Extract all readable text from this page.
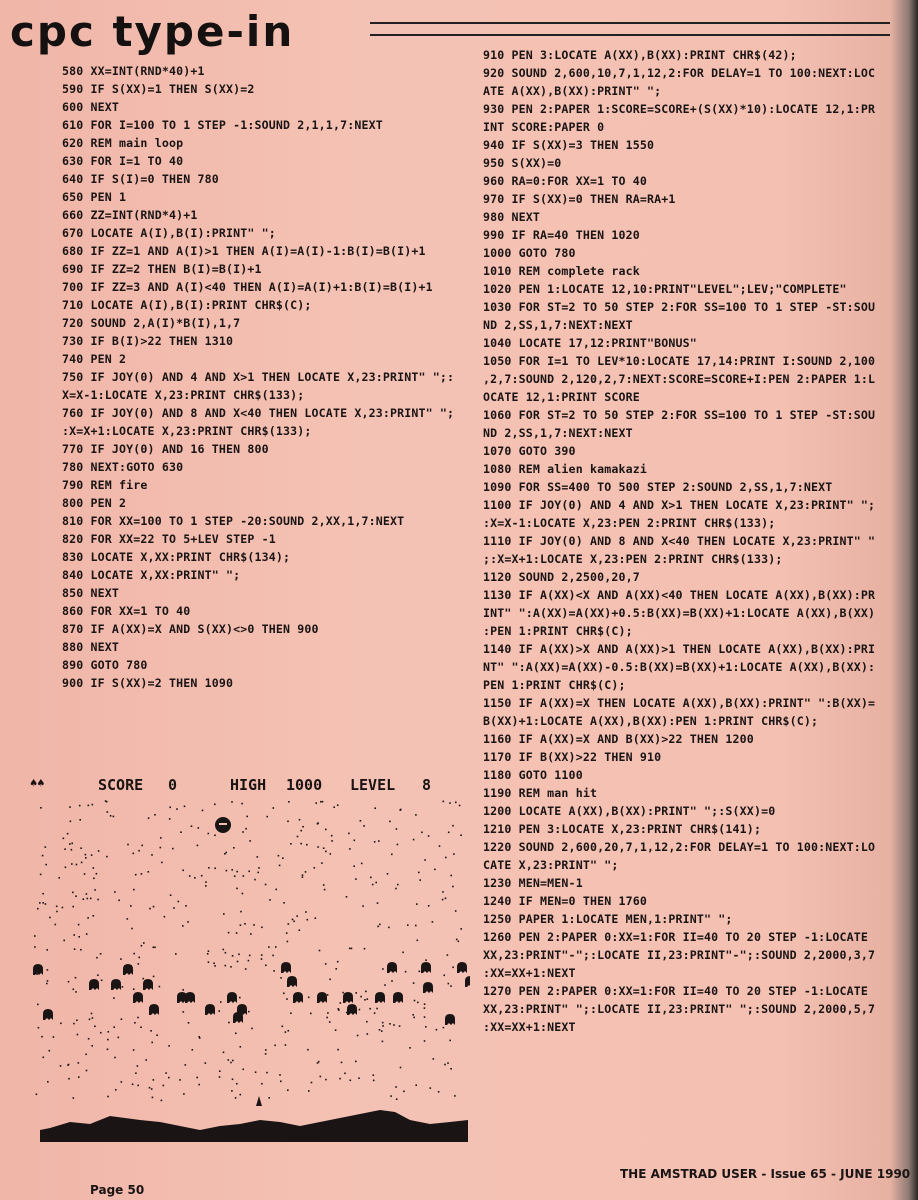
cpc type-in
580 XX=INT(RND*40)+1
590 IF S(XX)=1 THEN S(XX)=2
600 NEXT
610 FOR I=100 TO 1 STEP -1:SOUND 2,1,1,7:NEXT
620 REM main loop
630 FOR I=1 TO 40
640 IF S(I)=0 THEN 780
650 PEN 1
660 ZZ=INT(RND*4)+1
670 LOCATE A(I),B(I):PRINT" ";
680 IF ZZ=1 AND A(I)>1 THEN A(I)=A(I)-1:B(I)=B(I)+1
690 IF ZZ=2 THEN B(I)=B(I)+1
700 IF ZZ=3 AND A(I)<40 THEN A(I)=A(I)+1:B(I)=B(I)+1
710 LOCATE A(I),B(I):PRINT CHR$(C);
720 SOUND 2,A(I)*B(I),1,7
730 IF B(I)>22 THEN 1310
740 PEN 2
750 IF JOY(0) AND 4 AND X>1 THEN LOCATE X,23:PRINT" ";:
X=X-1:LOCATE X,23:PRINT CHR$(133);
760 IF JOY(0) AND 8 AND X<40 THEN LOCATE X,23:PRINT" ";
:X=X+1:LOCATE X,23:PRINT CHR$(133);
770 IF JOY(0) AND 16 THEN 800
780 NEXT:GOTO 630
790 REM fire
800 PEN 2
810 FOR XX=100 TO 1 STEP -20:SOUND 2,XX,1,7:NEXT
820 FOR XX=22 TO 5+LEV STEP -1
830 LOCATE X,XX:PRINT CHR$(134);
840 LOCATE X,XX:PRINT" ";
850 NEXT
860 FOR XX=1 TO 40
870 IF A(XX)=X AND S(XX)<>0 THEN 900
880 NEXT
890 GOTO 780
900 IF S(XX)=2 THEN 1090
910 PEN 3:LOCATE A(XX),B(XX):PRINT CHR$(42);
920 SOUND 2,600,10,7,1,12,2:FOR DELAY=1 TO 100:NEXT:LOC
ATE A(XX),B(XX):PRINT" ";
930 PEN 2:PAPER 1:SCORE=SCORE+(S(XX)*10):LOCATE 12,1:PR
INT SCORE:PAPER 0
940 IF S(XX)=3 THEN 1550
950 S(XX)=0
960 RA=0:FOR XX=1 TO 40
970 IF S(XX)=0 THEN RA=RA+1
980 NEXT
990 IF RA=40 THEN 1020
1000 GOTO 780
1010 REM complete rack
1020 PEN 1:LOCATE 12,10:PRINT"LEVEL";LEV;"COMPLETE"
1030 FOR ST=2 TO 50 STEP 2:FOR SS=100 TO 1 STEP -ST:SOU
ND 2,SS,1,7:NEXT:NEXT
1040 LOCATE 17,12:PRINT"BONUS"
1050 FOR I=1 TO LEV*10:LOCATE 17,14:PRINT I:SOUND 2,100
,2,7:SOUND 2,120,2,7:NEXT:SCORE=SCORE+I:PEN 2:PAPER 1:L
OCATE 12,1:PRINT SCORE
1060 FOR ST=2 TO 50 STEP 2:FOR SS=100 TO 1 STEP -ST:SOU
ND 2,SS,1,7:NEXT:NEXT
1070 GOTO 390
1080 REM alien kamakazi
1090 FOR SS=400 TO 500 STEP 2:SOUND 2,SS,1,7:NEXT
1100 IF JOY(0) AND 4 AND X>1 THEN LOCATE X,23:PRINT" ";
:X=X-1:LOCATE X,23:PEN 2:PRINT CHR$(133);
1110 IF JOY(0) AND 8 AND X<40 THEN LOCATE X,23:PRINT" "
;:X=X+1:LOCATE X,23:PEN 2:PRINT CHR$(133);
1120 SOUND 2,2500,20,7
1130 IF A(XX)<X AND A(XX)<40 THEN LOCATE A(XX),B(XX):PR
INT" ":A(XX)=A(XX)+0.5:B(XX)=B(XX)+1:LOCATE A(XX),B(XX)
:PEN 1:PRINT CHR$(C);
1140 IF A(XX)>X AND A(XX)>1 THEN LOCATE A(XX),B(XX):PRI
NT" ":A(XX)=A(XX)-0.5:B(XX)=B(XX)+1:LOCATE A(XX),B(XX):
PEN 1:PRINT CHR$(C);
1150 IF A(XX)=X THEN LOCATE A(XX),B(XX):PRINT" ":B(XX)=
B(XX)+1:LOCATE A(XX),B(XX):PEN 1:PRINT CHR$(C);
1160 IF A(XX)=X AND B(XX)>22 THEN 1200
1170 IF B(XX)>22 THEN 910
1180 GOTO 1100
1190 REM man hit
1200 LOCATE A(XX),B(XX):PRINT" ";:S(XX)=0
1210 PEN 3:LOCATE X,23:PRINT CHR$(141);
1220 SOUND 2,600,20,7,1,12,2:FOR DELAY=1 TO 100:NEXT:LO
CATE X,23:PRINT" ";
1230 MEN=MEN-1
1240 IF MEN=0 THEN 1760
1250 PAPER 1:LOCATE MEN,1:PRINT" ";
1260 PEN 2:PAPER 0:XX=1:FOR II=40 TO 20 STEP -1:LOCATE
XX,23:PRINT"-";:LOCATE II,23:PRINT"-";:SOUND 2,2000,3,7
:XX=XX+1:NEXT
1270 PEN 2:PAPER 0:XX=1:FOR II=40 TO 20 STEP -1:LOCATE
XX,23:PRINT" ";:LOCATE II,23:PRINT" ";:SOUND 2,2000,5,7
:XX=XX+1:NEXT
♠♠	SCORE 0	HIGH 1000 LEVEL 8
Page 50
THE AMSTRAD USER - Issue 65 - JUNE 1990
